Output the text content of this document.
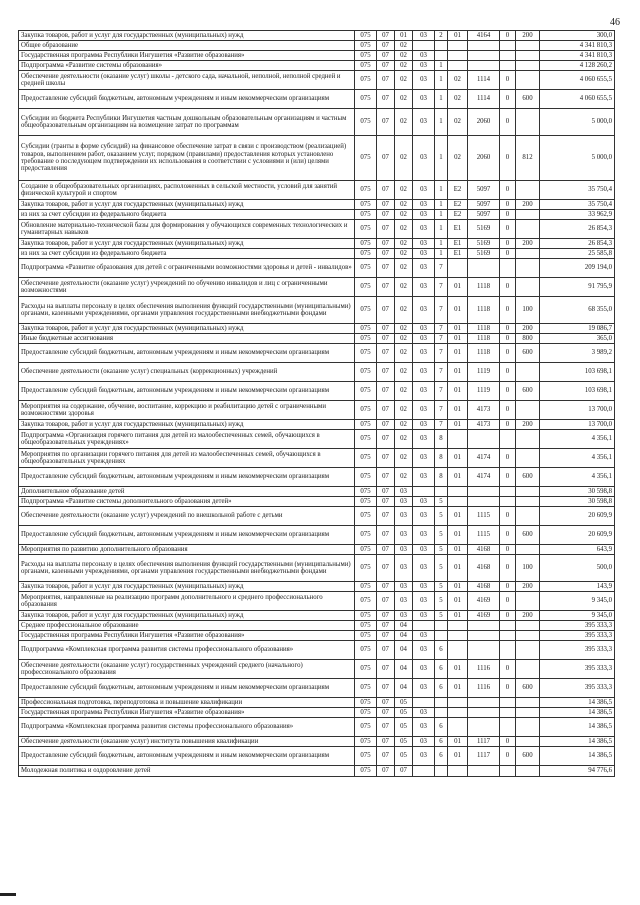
46
Закупка товаров, работ и услуг для государственных (муниципальных) нужд	075	07	01	03	2	01	4164	0	200	300,0
Общее образование	075	07	02							4 341 810,3
Государственная программа Республики Ингушетия «Развитие образования»	075	07	02	03						4 341 810,3
Подпрограмма «Развитие системы образования»	075	07	02	03	1					4 128 260,2
Обеспечение деятельности (оказание услуг) школы - детского сада, начальной, неполной, неполной средней и средней школы	075	07	02	03	1	02	1114	0		4 060 655,5
Предоставление субсидий бюджетным, автономным учреждениям и иным некоммерческим организациям	075	07	02	03	1	02	1114	0	600	4 060 655,5
Субсидии из бюджета Республики Ингушетия частным дошкольным образовательным организациям и частным общеобразовательным организациям на возмещение затрат по программам	075	07	02	03	1	02	2060	0		5 000,0
Субсидии (гранты в форме субсидий) на финансовое обеспечение затрат в связи с производством (реализацией) товаров, выполнением работ, оказанием услуг, порядком (правилами) предоставления которых установлено требование о последующем подтверждении их использования в соответствии с условиями и (или) целями предоставления	075	07	02	03	1	02	2060	0	812	5 000,0
Создание в общеобразовательных организациях, расположенных в сельской местности, условий для занятий физической культурой и спортом	075	07	02	03	1	E2	5097	0		35 750,4
Закупка товаров, работ и услуг для государственных (муниципальных) нужд	075	07	02	03	1	E2	5097	0	200	35 750,4
из них за счет субсидии из федерального бюджета	075	07	02	03	1	E2	5097	0		33 962,9
Обновление материально-технической базы для формирования у обучающихся современных технологических и гуманитарных навыков	075	07	02	03	1	E1	5169	0		26 854,3
Закупка товаров, работ и услуг для государственных (муниципальных) нужд	075	07	02	03	1	E1	5169	0	200	26 854,3
из них за счет субсидии из федерального бюджета	075	07	02	03	1	E1	5169	0		25 585,8
Подпрограмма «Развитие образования для детей с ограниченными возможностями здоровья и детей - инвалидов»	075	07	02	03	7					209 194,0
Обеспечение деятельности (оказание услуг) учреждений по обучению инвалидов и лиц с ограниченными возможностями	075	07	02	03	7	01	1118	0		91 795,9
Расходы на выплаты персоналу в целях обеспечения выполнения функций государственными (муниципальными) органами, казенными учреждениями, органами управления государственными внебюджетными фондами	075	07	02	03	7	01	1118	0	100	68 355,0
Закупка товаров, работ и услуг для государственных (муниципальных) нужд	075	07	02	03	7	01	1118	0	200	19 086,7
Иные бюджетные ассигнования	075	07	02	03	7	01	1118	0	800	365,0
Предоставление субсидий бюджетным, автономным учреждениям и иным некоммерческим организациям	075	07	02	03	7	01	1118	0	600	3 989,2
Обеспечение деятельности (оказание услуг) специальных (коррекционных) учреждений	075	07	02	03	7	01	1119	0		103 698,1
Предоставление субсидий бюджетным, автономным учреждениям и иным некоммерческим организациям	075	07	02	03	7	01	1119	0	600	103 698,1
Мероприятия на содержание, обучение, воспитание, коррекцию и реабилитацию детей с ограниченными возможностями здоровья	075	07	02	03	7	01	4173	0		13 700,0
Закупка товаров, работ и услуг для государственных (муниципальных) нужд	075	07	02	03	7	01	4173	0	200	13 700,0
Подпрограмма «Организация горячего питания для детей из малообеспеченных семей, обучающихся в общеобразовательных учреждениях»	075	07	02	03	8					4 356,1
Мероприятия по организации горячего питания для детей из малообеспеченных семей, обучающихся в общеобразовательных учреждениях	075	07	02	03	8	01	4174	0		4 356,1
Предоставление субсидий бюджетным, автономным учреждениям и иным некоммерческим организациям	075	07	02	03	8	01	4174	0	600	4 356,1
Дополнительное образование детей	075	07	03							30 598,8
Подпрограмма «Развитие системы дополнительного образования детей»	075	07	03	03	5					30 598,8
Обеспечение деятельности (оказание услуг) учреждений по внешкольной работе с детьми	075	07	03	03	5	01	1115	0		20 609,9
Предоставление субсидий бюджетным, автономным учреждениям и иным некоммерческим организациям	075	07	03	03	5	01	1115	0	600	20 609,9
Мероприятия по развитию дополнительного образования	075	07	03	03	5	01	4168	0		643,9
Расходы на выплаты персоналу в целях обеспечения выполнения функций государственными (муниципальными) органами, казенными учреждениями, органами управления государственными внебюджетными фондами	075	07	03	03	5	01	4168	0	100	500,0
Закупка товаров, работ и услуг для государственных (муниципальных) нужд	075	07	03	03	5	01	4168	0	200	143,9
Мероприятия, направленные на реализацию программ дополнительного и среднего профессионального образования	075	07	03	03	5	01	4169	0		9 345,0
Закупка товаров, работ и услуг для государственных (муниципальных) нужд	075	07	03	03	5	01	4169	0	200	9 345,0
Среднее профессиональное образование	075	07	04							395 333,3
Государственная программа Республики Ингушетия «Развитие образования»	075	07	04	03						395 333,3
Подпрограмма «Комплексная программа развития системы профессионального образования»	075	07	04	03	6					395 333,3
Обеспечение деятельности (оказание услуг) государственных учреждений среднего (начального) профессионального образования	075	07	04	03	6	01	1116	0		395 333,3
Предоставление субсидий бюджетным, автономным учреждениям и иным некоммерческим организациям	075	07	04	03	6	01	1116	0	600	395 333,3
Профессиональная подготовка, переподготовка и повышение квалификации	075	07	05							14 386,5
Государственная программа Республики Ингушетия «Развитие образования»	075	07	05	03						14 386,5
Подпрограмма «Комплексная программа развития системы профессионального образования»	075	07	05	03	6					14 386,5
Обеспечение деятельности (оказание услуг) института повышения квалификации	075	07	05	03	6	01	1117	0		14 386,5
Предоставление субсидий бюджетным, автономным учреждениям и иным некоммерческим организациям	075	07	05	03	6	01	1117	0	600	14 386,5
Молодежная политика и оздоровление детей	075	07	07							94 776,6
